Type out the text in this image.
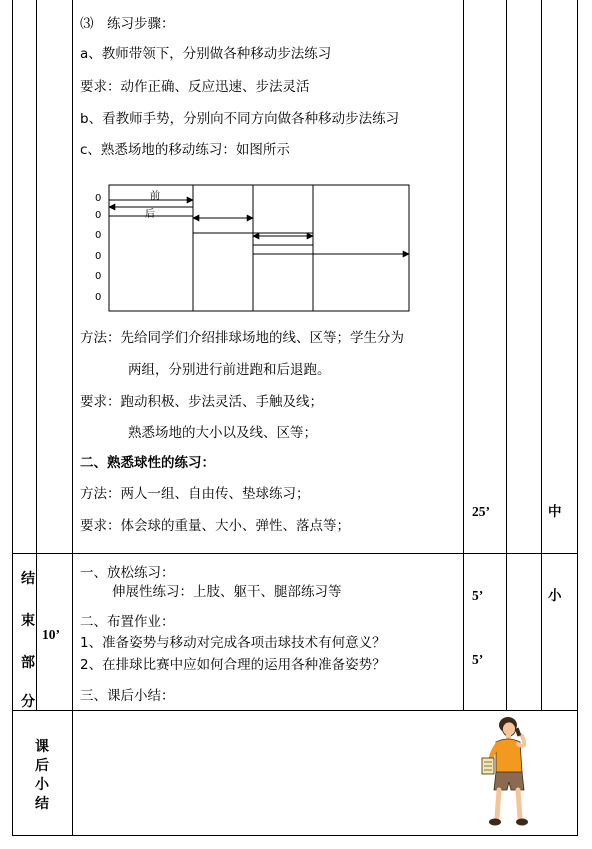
⑶　练习步骤：
a、教师带领下，分别做各种移动步法练习
要求：动作正确、反应迅速、步法灵活
b、看教师手势，分别向不同方向做各种移动步法练习
c、熟悉场地的移动练习：如图所示
0
0
0
0
0
0
前
后
方法：先给同学们介绍排球场地的线、区等；学生分为
两组，分别进行前进跑和后退跑。
要求：跑动积极、步法灵活、手触及线；
熟悉场地的大小以及线、区等；
二、熟悉球性的练习：
方法：两人一组、自由传、垫球练习；
要求：体会球的重量、大小、弹性、落点等；
25’	中
结
束
部
分
10’
一、放松练习：
伸展性练习：上肢、躯干、腿部练习等
二、布置作业：
1、准备姿势与移动对完成各项击球技术有何意义？
2、在排球比赛中应如何合理的运用各种准备姿势？
三、课后小结：
5’
5’
小
课
后
小
结
